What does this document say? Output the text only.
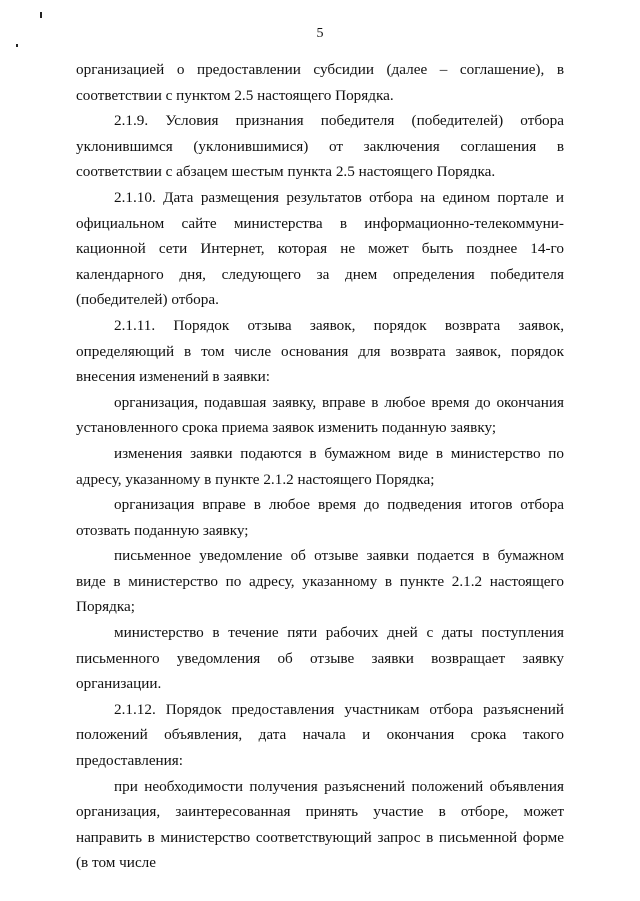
5

организацией о предоставлении субсидии (далее – соглашение), в соответствии с пунктом 2.5 настоящего Порядка.

2.1.9. Условия признания победителя (победителей) отбора уклонившимся (уклонившимися) от заключения соглашения в соответствии с абзацем шестым пункта 2.5 настоящего Порядка.

2.1.10. Дата размещения результатов отбора на едином портале и официальном сайте министерства в информационно-телекоммуни-кационной сети Интернет, которая не может быть позднее 14-го календарного дня, следующего за днем определения победителя (победителей) отбора.

2.1.11. Порядок отзыва заявок, порядок возврата заявок, определяющий в том числе основания для возврата заявок, порядок внесения изменений в заявки:

организация, подавшая заявку, вправе в любое время до окончания установленного срока приема заявок изменить поданную заявку;

изменения заявки подаются в бумажном виде в министерство по адресу, указанному в пункте 2.1.2 настоящего Порядка;

организация вправе в любое время до подведения итогов отбора отозвать поданную заявку;

письменное уведомление об отзыве заявки подается в бумажном виде в министерство по адресу, указанному в пункте 2.1.2 настоящего Порядка;

министерство в течение пяти рабочих дней с даты поступления письменного уведомления об отзыве заявки возвращает заявку организации.

2.1.12. Порядок предоставления участникам отбора разъяснений положений объявления, дата начала и окончания срока такого предоставления:

при необходимости получения разъяснений положений объявления организация, заинтересованная принять участие в отборе, может направить в министерство соответствующий запрос в письменной форме (в том числе
